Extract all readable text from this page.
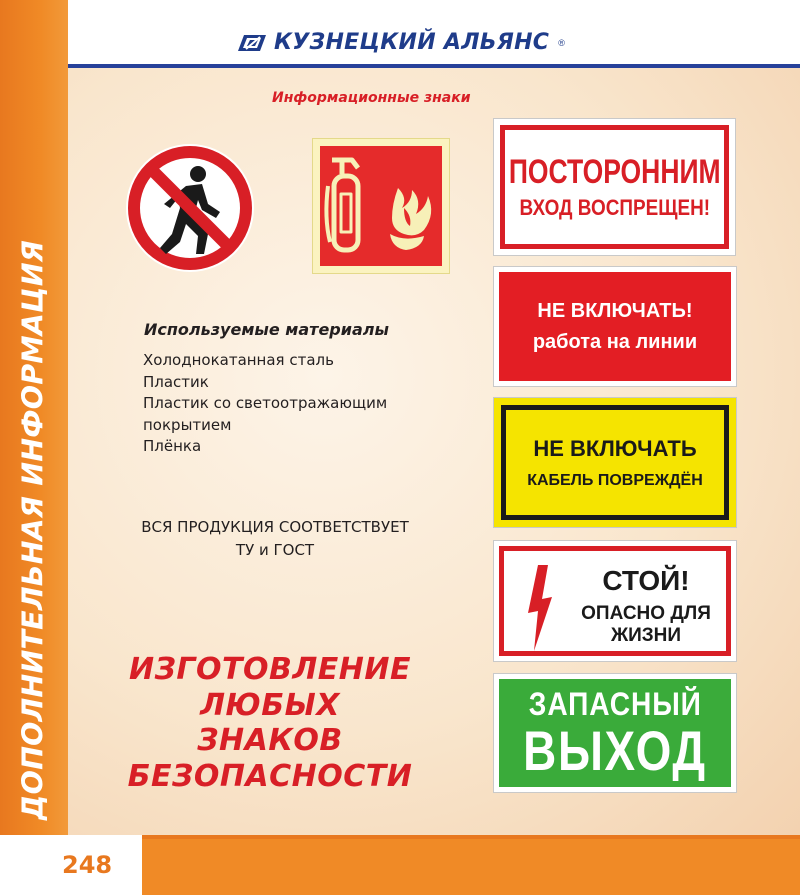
ДОПОЛНИТЕЛЬНАЯ ИНФОРМАЦИЯ
КУЗНЕЦКИЙ АЛЬЯНС ®
Информационные знаки
Используемые материалы
Холоднокатанная сталь
Пластик
Пластик со светоотражающим
покрытием
Плёнка
ВСЯ ПРОДУКЦИЯ СООТВЕТСТВУЕТ
ТУ и ГОСТ
ИЗГОТОВЛЕНИЕ
ЛЮБЫХ
ЗНАКОВ
БЕЗОПАСНОСТИ
ПОСТОРОННИМ
ВХОД ВОСПРЕЩЕН!
НЕ ВКЛЮЧАТЬ!
работа на линии
НЕ ВКЛЮЧАТЬ
КАБЕЛЬ ПОВРЕЖДЁН
СТОЙ!
ОПАСНО ДЛЯ
ЖИЗНИ
ЗАПАСНЫЙ
ВЫХОД
248
